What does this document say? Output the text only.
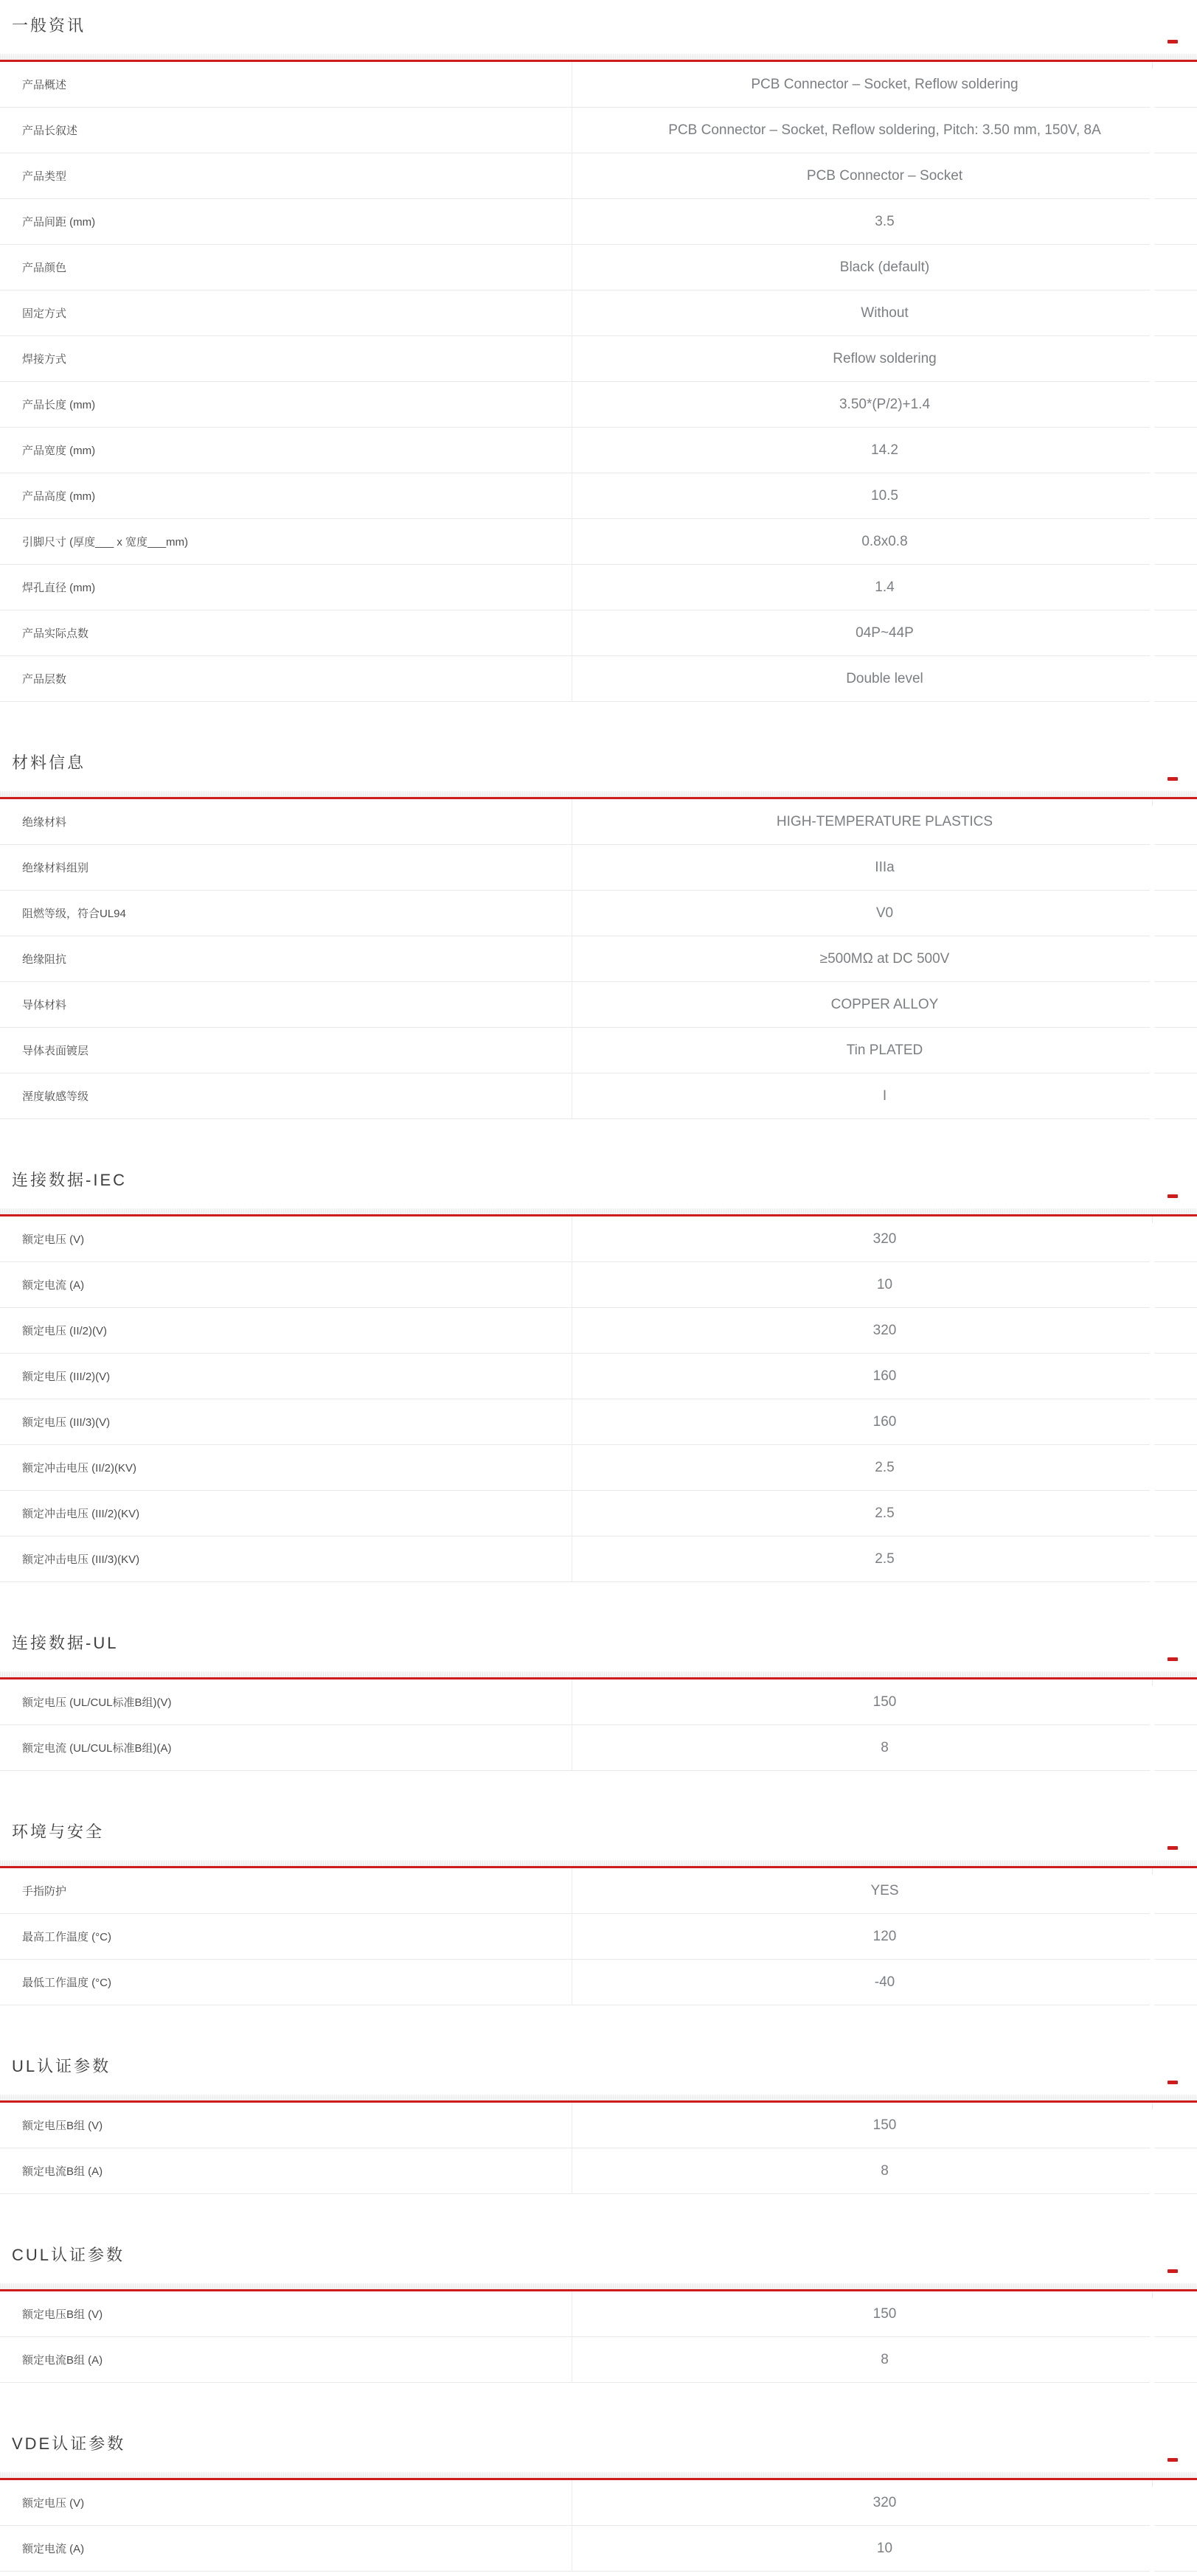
一般资讯
产品概述	PCB Connector – Socket, Reflow soldering
产品长叙述	PCB Connector – Socket, Reflow soldering, Pitch: 3.50 mm, 150V, 8A
产品类型	PCB Connector – Socket
产品间距 (mm)	3.5
产品颜色	Black (default)
固定方式	Without
焊接方式	Reflow soldering
产品长度 (mm)	3.50*(P/2)+1.4
产品宽度 (mm)	14.2
产品高度 (mm)	10.5
引脚尺寸 (厚度___ x 宽度___mm)	0.8x0.8
焊孔直径 (mm)	1.4
产品实际点数	04P~44P
产品层数	Double level
材料信息
绝缘材料	HIGH-TEMPERATURE PLASTICS
绝缘材料组别	IIIa
阻燃等级，符合UL94	V0
绝缘阻抗	≥500MΩ at DC 500V
导体材料	COPPER ALLOY
导体表面镀层	Tin PLATED
溼度敏感等级	I
连接数据-IEC
额定电压 (V)	320
额定电流 (A)	10
额定电压 (II/2)(V)	320
额定电压 (III/2)(V)	160
额定电压 (III/3)(V)	160
额定冲击电压 (II/2)(KV)	2.5
额定冲击电压 (III/2)(KV)	2.5
额定冲击电压 (III/3)(KV)	2.5
连接数据-UL
额定电压 (UL/CUL标准B组)(V)	150
额定电流 (UL/CUL标准B组)(A)	8
环境与安全
手指防护	YES
最高工作温度 (°C)	120
最低工作温度 (°C)	-40
UL认证参数
额定电压B组 (V)	150
额定电流B组 (A)	8
CUL认证参数
额定电压B组 (V)	150
额定电流B组 (A)	8
VDE认证参数
额定电压 (V)	320
额定电流 (A)	10
